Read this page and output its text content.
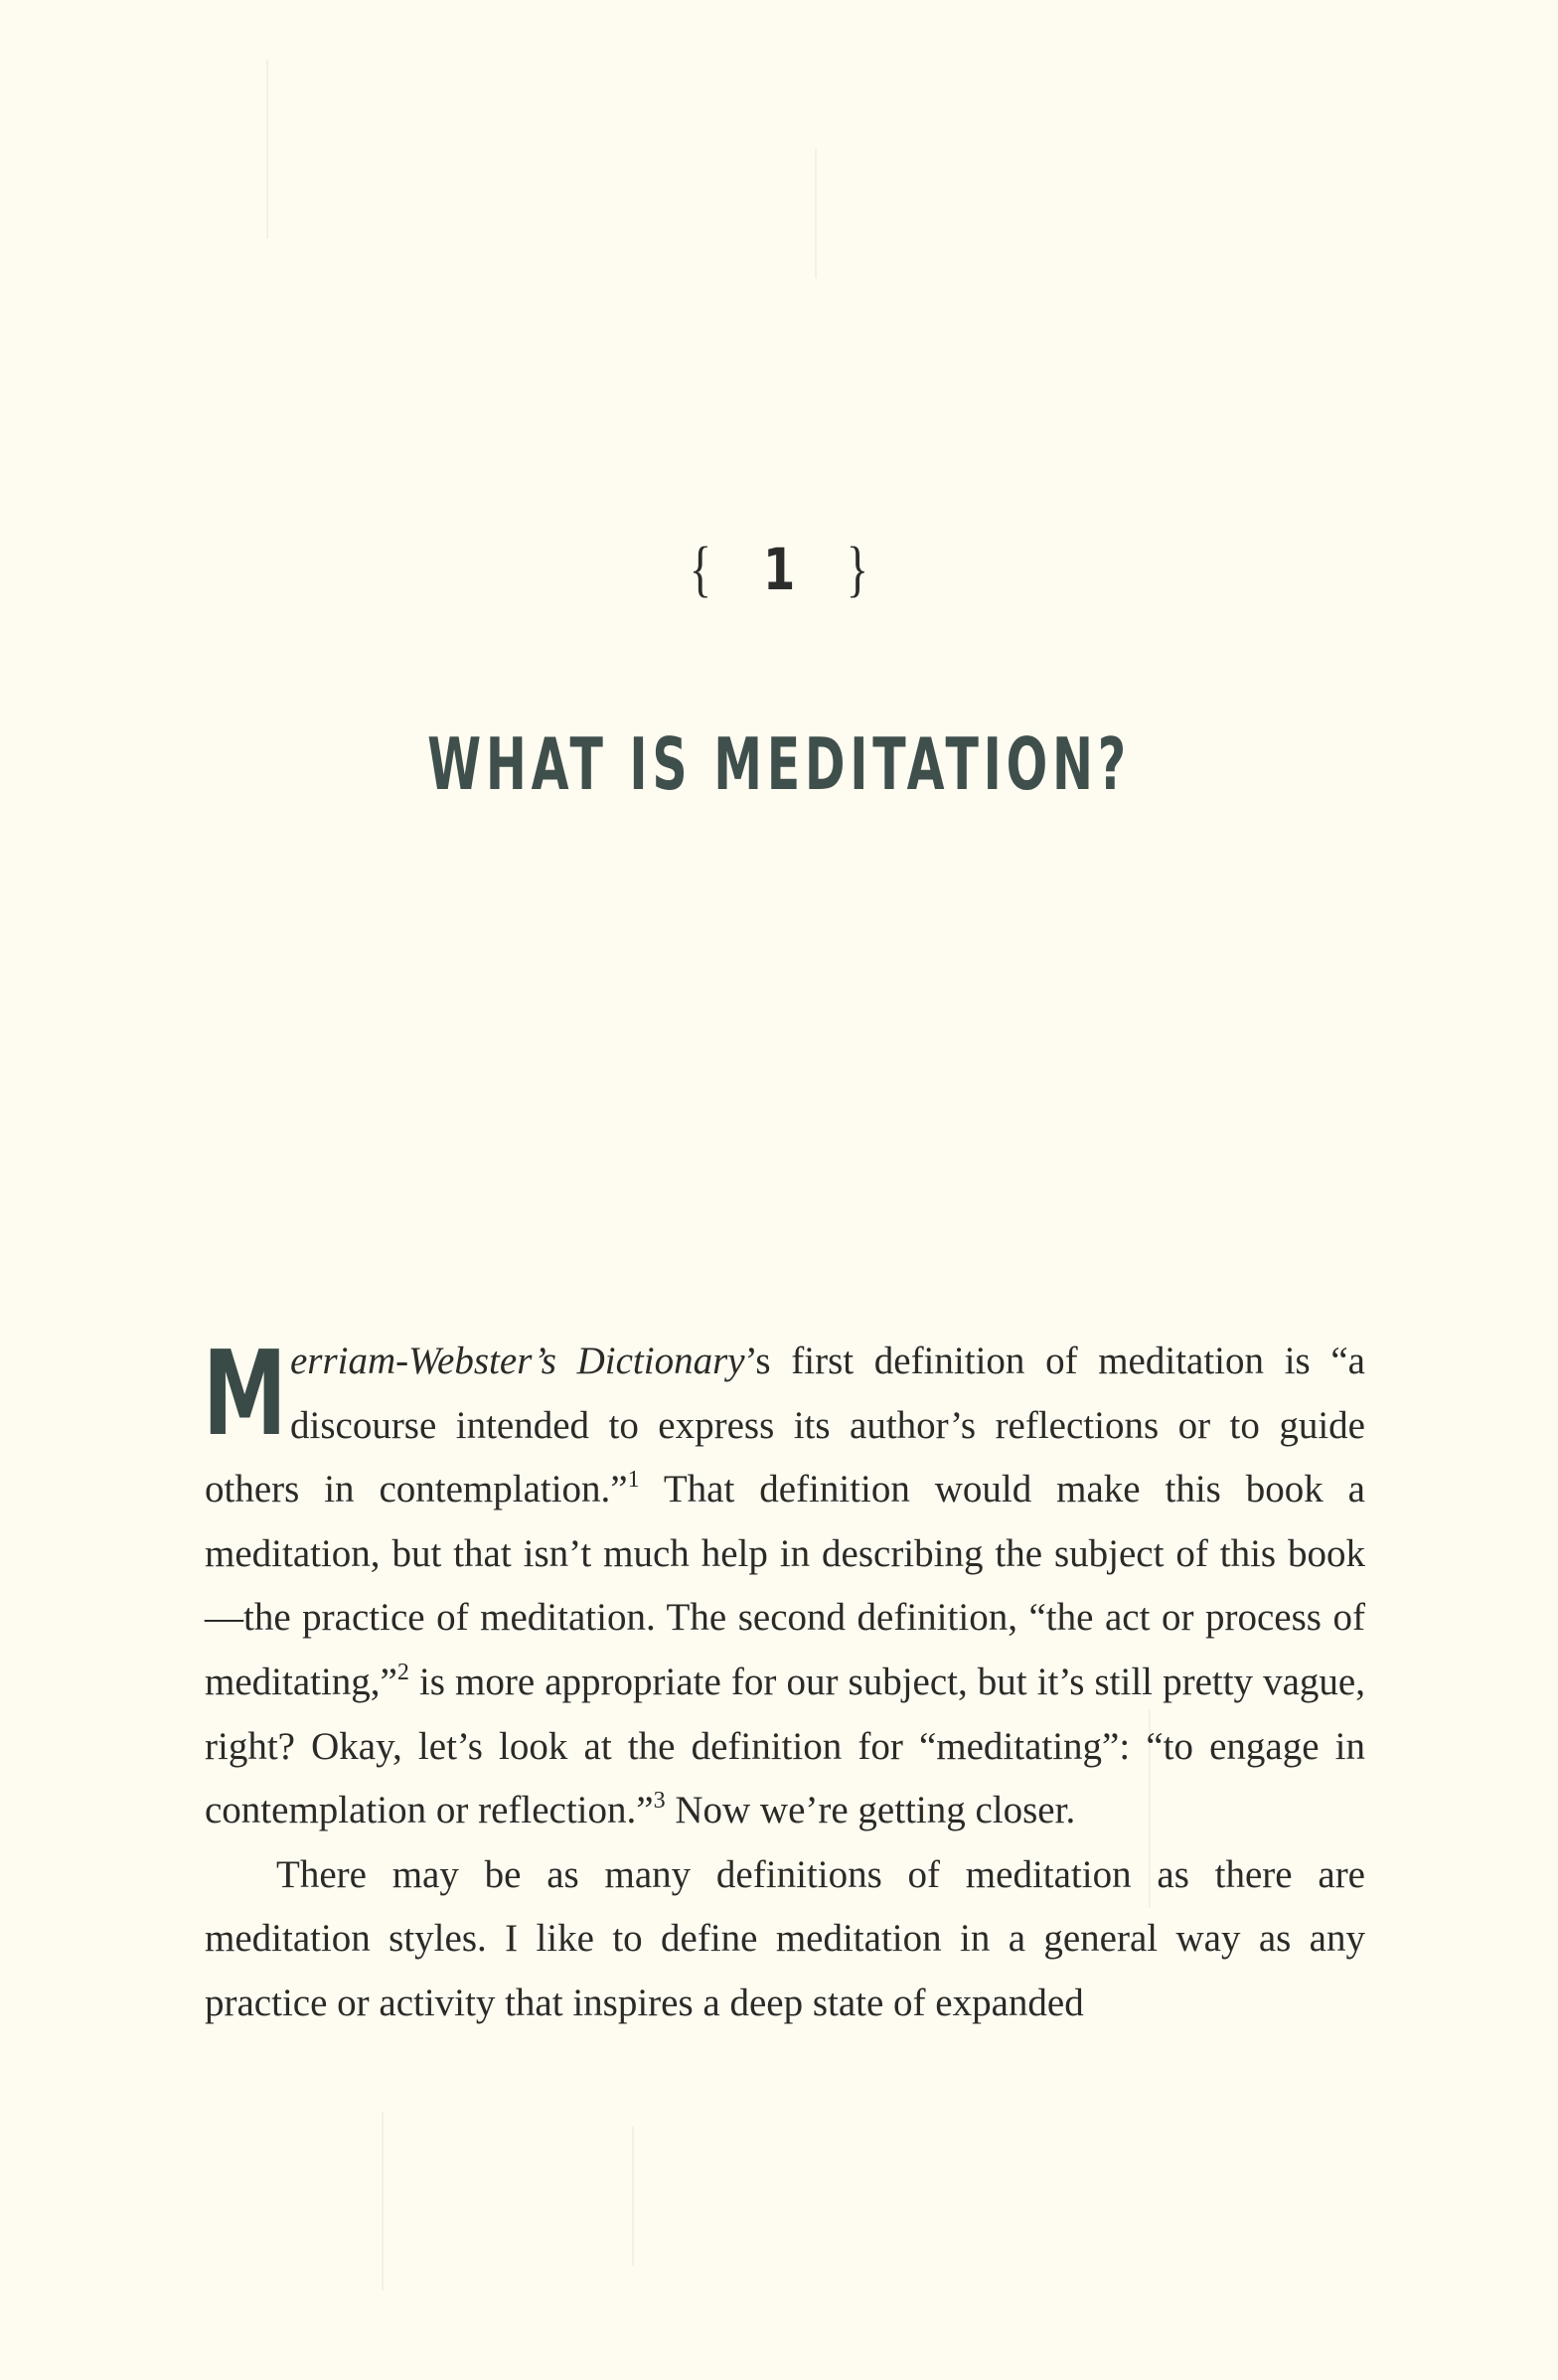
{ 1 }
WHAT IS MEDITATION?

Merriam-Webster’s Dictionary’s first definition of meditation is “a discourse intended to express its author’s reflections or to guide others in contemplation.”$^1$ That definition would make this book a meditation, but that isn’t much help in describing the subject of this book—the practice of meditation. The second definition, “the act or process of meditating,”$^2$ is more appropriate for our subject, but it’s still pretty vague, right? Okay, let’s look at the definition for “meditating”: “to engage in contemplation or reflection.”$^3$ Now we’re getting closer.

There may be as many definitions of meditation as there are meditation styles. I like to define meditation in a general way as any practice or activity that inspires a deep state of expanded
